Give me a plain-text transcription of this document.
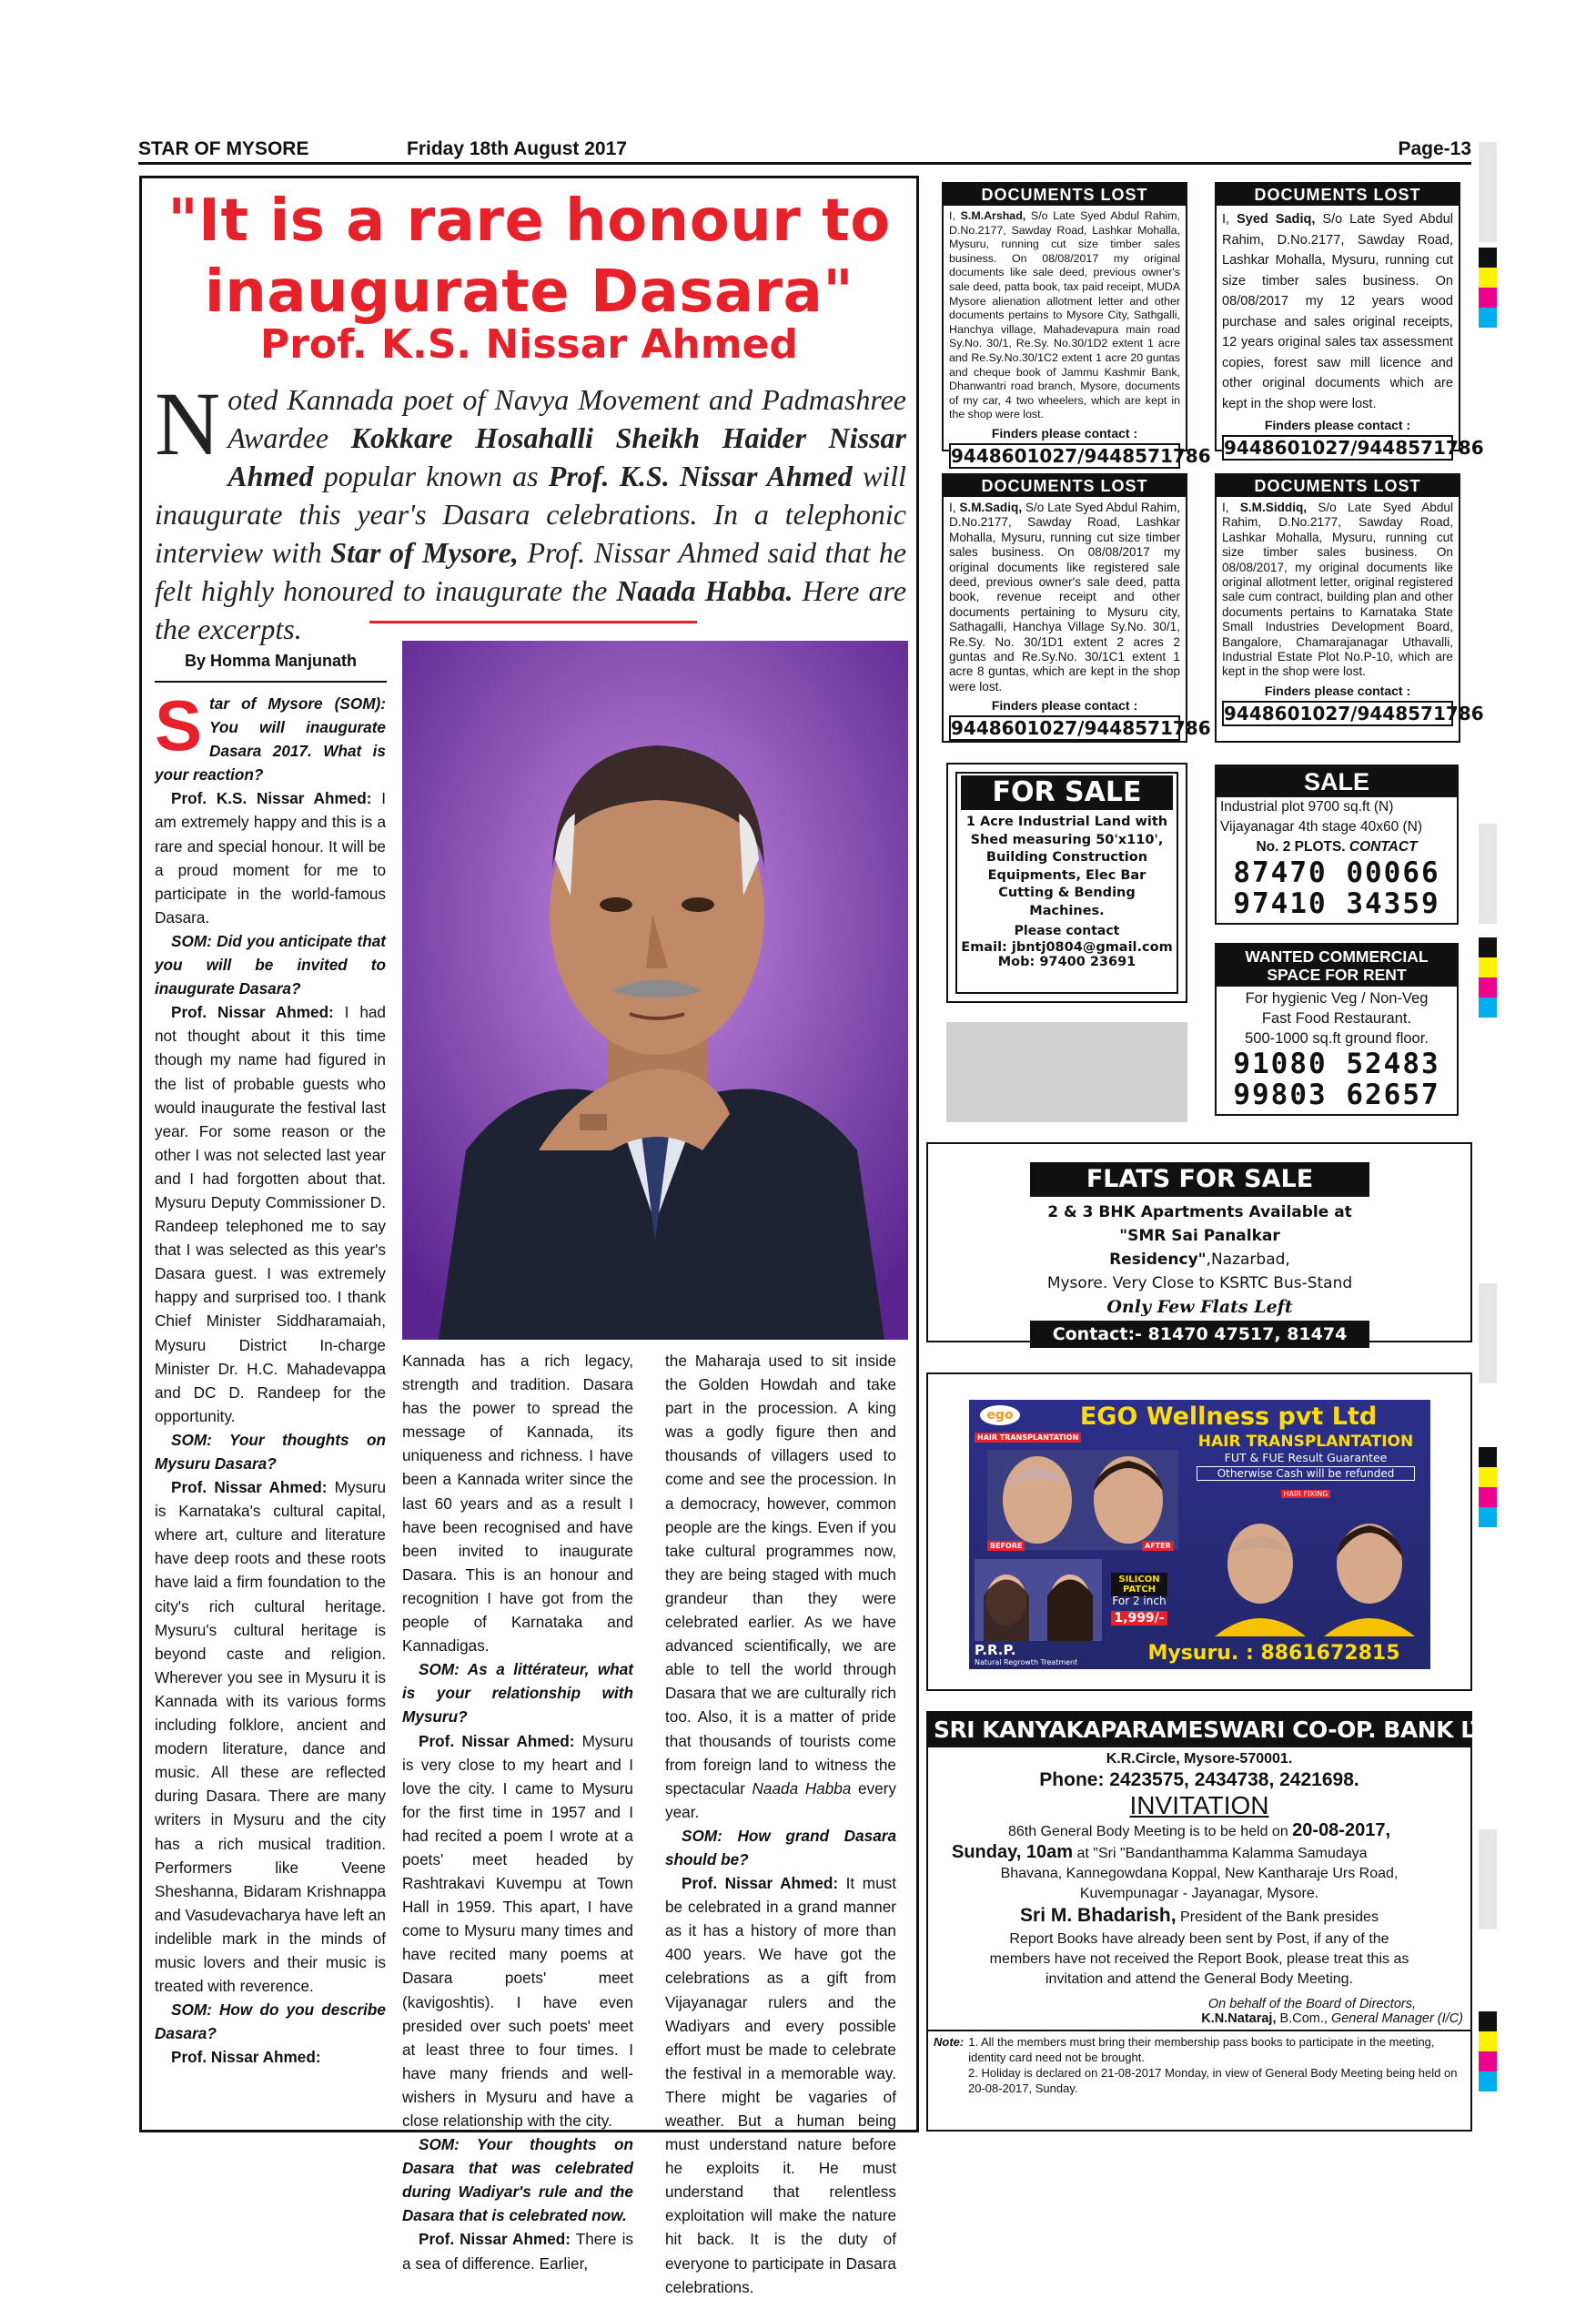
STAR OF MYSORE	Friday 18th August 2017	Page-13
"It is a rare honour to
inaugurate Dasara"
Prof. K.S. Nissar Ahmed
Noted Kannada poet of Navya Movement and Padmashree Awardee Kokkare Hosahalli Sheikh Haider Nissar Ahmed popular known as Prof. K.S. Nissar Ahmed will inaugurate this year's Dasara celebrations. In a telephonic interview with Star of Mysore, Prof. Nissar Ahmed said that he felt highly honoured to inaugurate the Naada Habba. Here are the excerpts.
By Homma Manjunath

Star of Mysore (SOM): You will inaugurate Dasara 2017. What is your reaction?

Prof. K.S. Nissar Ahmed: I am extremely happy and this is a rare and special honour. It will be a proud moment for me to participate in the world-famous Dasara.

SOM: Did you anticipate that you will be invited to inaugurate Dasara?

Prof. Nissar Ahmed: I had not thought about it this time though my name had figured in the list of probable guests who would inaugurate the festival last year. For some reason or the other I was not selected last year and I had forgotten about that. Mysuru Deputy Commissioner D. Randeep telephoned me to say that I was selected as this year's Dasara guest. I was extremely happy and surprised too. I thank Chief Minister Siddharamaiah, Mysuru District In-charge Minister Dr. H.C. Mahadevappa and DC D. Randeep for the opportunity.

SOM: Your thoughts on Mysuru Dasara?

Prof. Nissar Ahmed: Mysuru is Karnataka's cultural capital, where art, culture and literature have deep roots and these roots have laid a firm foundation to the city's rich cultural heritage. Mysuru's cultural heritage is beyond caste and religion. Wherever you see in Mysuru it is Kannada with its various forms including folklore, ancient and modern literature, dance and music. All these are reflected during Dasara. There are many writers in Mysuru and the city has a rich musical tradition. Performers like Veene Sheshanna, Bidaram Krishnappa and Vasudevacharya have left an indelible mark in the minds of music lovers and their music is treated with reverence.

SOM: How do you describe Dasara?

Prof. Nissar Ahmed:

Kannada has a rich legacy, strength and tradition. Dasara has the power to spread the message of Kannada, its uniqueness and richness. I have been a Kannada writer since the last 60 years and as a result I have been recognised and have been invited to inaugurate Dasara. This is an honour and recognition I have got from the people of Karnataka and Kannadigas.

SOM: As a littérateur, what is your relationship with Mysuru?

Prof. Nissar Ahmed: Mysuru is very close to my heart and I love the city. I came to Mysuru for the first time in 1957 and I had recited a poem I wrote at a poets' meet headed by Rashtrakavi Kuvempu at Town Hall in 1959. This apart, I have come to Mysuru many times and have recited many poems at Dasara poets' meet (kavigoshtis). I have even presided over such poets' meet at least three to four times. I have many friends and well-wishers in Mysuru and have a close relationship with the city.

SOM: Your thoughts on Dasara that was celebrated during Wadiyar's rule and the Dasara that is celebrated now.

Prof. Nissar Ahmed: There is a sea of difference. Earlier,

the Maharaja used to sit inside the Golden Howdah and take part in the procession. A king was a godly figure then and thousands of villagers used to come and see the procession. In a democracy, however, common people are the kings. Even if you take cultural programmes now, they are being staged with much grandeur than they were celebrated earlier. As we have advanced scientifically, we are able to tell the world through Dasara that we are culturally rich too. Also, it is a matter of pride that thousands of tourists come from foreign land to witness the spectacular Naada Habba every year.

SOM: How grand Dasara should be?

Prof. Nissar Ahmed: It must be celebrated in a grand manner as it has a history of more than 400 years. We have got the celebrations as a gift from Vijayanagar rulers and the Wadiyars and every possible effort must be made to celebrate the festival in a memorable way. There might be vagaries of weather. But a human being must understand nature before he exploits it. He must understand that relentless exploitation will make the nature hit back. It is the duty of everyone to participate in Dasara celebrations.

DOCUMENTS LOST
I, S.M.Arshad, S/o Late Syed Abdul Rahim, D.No.2177, Sawday Road, Lashkar Mohalla, Mysuru, running cut size timber sales business. On 08/08/2017 my original documents like sale deed, previous owner's sale deed, patta book, tax paid receipt, MUDA Mysore alienation allotment letter and other documents pertains to Mysore City, Sathgalli, Hanchya village, Mahadevapura main road Sy.No. 30/1, Re.Sy. No.30/1D2 extent 1 acre and Re.Sy.No.30/1C2 extent 1 acre 20 guntas and cheque book of Jammu Kashmir Bank, Dhanwantri road branch, Mysore, documents of my car, 4 two wheelers, which are kept in the shop were lost.
Finders please contact :
9448601027/9448571786
DOCUMENTS LOST
I, Syed Sadiq, S/o Late Syed Abdul Rahim, D.No.2177, Sawday Road, Lashkar Mohalla, Mysuru, running cut size timber sales business. On 08/08/2017 my 12 years wood purchase and sales original receipts, 12 years original sales tax assessment copies, forest saw mill licence and other original documents which are kept in the shop were lost.
Finders please contact :
9448601027/9448571786
DOCUMENTS LOST
I, S.M.Sadiq, S/o Late Syed Abdul Rahim, D.No.2177, Sawday Road, Lashkar Mohalla, Mysuru, running cut size timber sales business. On 08/08/2017 my original documents like registered sale deed, previous owner's sale deed, patta book, revenue receipt and other documents pertaining to Mysuru city, Sathagalli, Hanchya Village Sy.No. 30/1, Re.Sy. No. 30/1D1 extent 2 acres 2 guntas and Re.Sy.No. 30/1C1 extent 1 acre 8 guntas, which are kept in the shop were lost.
Finders please contact :
9448601027/9448571786
DOCUMENTS LOST
I, S.M.Siddiq, S/o Late Syed Abdul Rahim, D.No.2177, Sawday Road, Lashkar Mohalla, Mysuru, running cut size timber sales business. On 08/08/2017, my original documents like original allotment letter, original registered sale cum contract, building plan and other documents pertains to Karnataka State Small Industries Development Board, Bangalore, Chamarajanagar Uthavalli, Industrial Estate Plot No.P-10, which are kept in the shop were lost.
Finders please contact :
9448601027/9448571786
FOR SALE
1 Acre Industrial Land with Shed measuring 50'x110', Building Construction Equipments, Elec Bar Cutting & Bending Machines.
Please contact
Email: jbntj0804@gmail.com
Mob: 97400 23691
SALE
Industrial plot 9700 sq.ft (N)
Vijayanagar 4th stage 40x60 (N)
No. 2 PLOTS. CONTACT
87470 00066
97410 34359
WANTED COMMERCIAL SPACE FOR RENT
For hygienic Veg / Non-Veg
Fast Food Restaurant.
500-1000 sq.ft ground floor.
91080 52483
99803 62657
FLATS FOR SALE
2 & 3 BHK Apartments Available at
"SMR Sai Panalkar Residency",Nazarbad,
Mysore. Very Close to KSRTC Bus-Stand
Only Few Flats Left
Contact:- 81470 47517, 81474 81942
ego	EGO Wellness pvt Ltd
HAIR TRANSPLANTATION
BEFORE	AFTER
HAIR TRANSPLANTATION
FUT & FUE Result Guarantee
Otherwise Cash will be refunded
HAIR FIXING
SILICON PATCH
For 2 inch
1,999/-
P.R.P.
Natural Regrowth Treatment	Mysuru. : 8861672815
SRI KANYAKAPARAMESWARI CO-OP. BANK LTD.,
K.R.Circle, Mysore-570001.
Phone: 2423575, 2434738, 2421698.
INVITATION
86th General Body Meeting is to be held on 20-08-2017,
Sunday, 10am at "Sri "Bandanthamma Kalamma Samudaya
Bhavana, Kannegowdana Koppal, New Kantharaje Urs Road,
Kuvempunagar - Jayanagar, Mysore.
Sri M. Bhadarish, President of the Bank presides
Report Books have already been sent by Post, if any of the
members have not received the Report Book, please treat this as
invitation and attend the General Body Meeting.
On behalf of the Board of Directors,
K.N.Nataraj, B.Com., General Manager (I/C)
Note: 1. All the members must bring their membership pass books to participate in the meeting, identity card need not be brought.
2. Holiday is declared on 21-08-2017 Monday, in view of General Body Meeting being held on 20-08-2017, Sunday.
